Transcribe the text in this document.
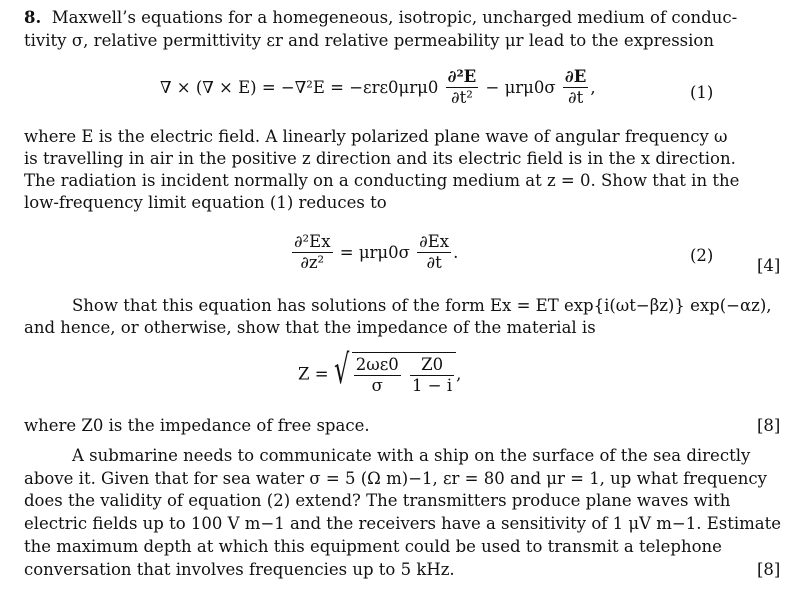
8. Maxwell’s equations for a homegeneous, isotropic, uncharged medium of conduc-
tivity σ, relative permittivity εr and relative permeability μr lead to the expression
∇ × (∇ × $E) = -\nabla^2E = -\varepsilon r\varepsilon 0\mu r\mu 0 \frac{\text{∂²E}}{\text{∂t²}} - \mu r\mu 0\sigma \frac{\partial E}{\partial t}$ ,	(1)
where E is the electric field. A linearly polarized plane wave of angular frequency ω
is travelling in air in the positive z direction and its electric field is in the x direction.
The radiation is incident normally on a conducting medium at z = 0. Show that in the
low-frequency limit equation (1) reduces to
$\frac{\text{∂²Ex}}{\text{∂z²}} = \mu r\mu 0\sigma \frac{\partial Ex}{\partial t}$ .	(2)
[4]
Show that this equation has solutions of the form Ex = ET exp{i(ωt−βz)} exp(−αz),
and hence, or otherwise, show that the impedance of the material is
Z = √ $\frac{2\omega\varepsilon 0}{\sigma}$
$\frac{Z0}{1 - i}$ ,
where Z0 is the impedance of free space.	[8]
A submarine needs to communicate with a ship on the surface of the sea directly
above it. Given that for sea water σ = 5 (Ω m)−1, εr = 80 and μr = 1, up what frequency
does the validity of equation (2) extend? The transmitters produce plane waves with
electric fields up to 100 V m−1 and the receivers have a sensitivity of 1 μV m−1. Estimate
the maximum depth at which this equipment could be used to transmit a telephone
conversation that involves frequencies up to 5 kHz.	[8]
